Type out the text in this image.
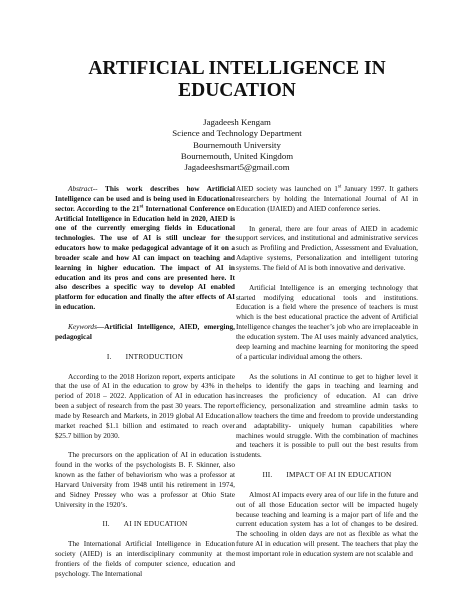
ARTIFICIAL INTELLIGENCE IN
EDUCATION
Jagadeesh Kengam
Science and Technology Department
Bournemouth University
Bournemouth, United Kingdom
Jagadeeshsmart5@gmail.com

Abstract-- This work describes how Artificial Intelligence can be used and is being used in Educational sector. According to the 21st International Conference on Artificial Intelligence in Education held in 2020, AIED is one of the currently emerging fields in Educational technologies. The use of AI is still unclear for the educators how to make pedagogical advantage of it on a broader scale and how AI can impact on teaching and learning in higher education. The impact of AI in education and its pros and cons are presented here. It also describes a specific way to develop AI enabled platform for education and finally the after effects of AI in education.

Keywords—Artificial Intelligence, AIED, emerging, pedagogical

I. INTRODUCTION

According to the 2018 Horizon report, experts anticipate that the use of AI in the education to grow by 43% in the period of 2018 – 2022. Application of AI in education has been a subject of research from the past 30 years. The report made by Research and Markets, in 2019 global AI Education market reached $1.1 billion and estimated to reach over $25.7 billion by 2030.

The precursors on the application of AI in education is found in the works of the psychologists B. F. Skinner, also known as the father of behaviorism who was a professor at Harvard University from 1948 until his retirement in 1974, and Sidney Pressey who was a professor at Ohio State University in the 1920’s.

II. AI IN EDUCATION

The International Artificial Intelligence in Education society (AIED) is an interdisciplinary community at the frontiers of the fields of computer science, education and psychology. The International

AIED society was launched on 1st January 1997. It gathers researchers by holding the International Journal of AI in Education (IJAIED) and AIED conference series.

In general, there are four areas of AIED in academic support services, and institutional and administrative services such as Profiling and Prediction, Assessment and Evaluation, Adaptive systems, Personalization and intelligent tutoring systems. The field of AI is both innovative and derivative.

Artificial Intelligence is an emerging technology that started modifying educational tools and institutions. Education is a field where the presence of teachers is must which is the best educational practice the advent of Artificial Intelligence changes the teacher’s job who are irreplaceable in the education system. The AI uses mainly advanced analytics, deep learning and machine learning for monitoring the speed of a particular individual among the others.

As the solutions in AI continue to get to higher level it helps to identify the gaps in teaching and learning and increases the proficiency of education. AI can drive efficiency, personalization and streamline admin tasks to allow teachers the time and freedom to provide understanding and adaptability- uniquely human capabilities where machines would struggle. With the combination of machines and teachers it is possible to pull out the best results from students.

III. IMPACT OF AI IN EDUCATION

Almost AI impacts every area of our life in the future and out of all those Education sector will be impacted hugely because teaching and learning is a major part of life and the current education system has a lot of changes to be desired. The schooling in olden days are not as flexible as what the future AI in education will present. The teachers that play the most important role in education system are not scalable and
